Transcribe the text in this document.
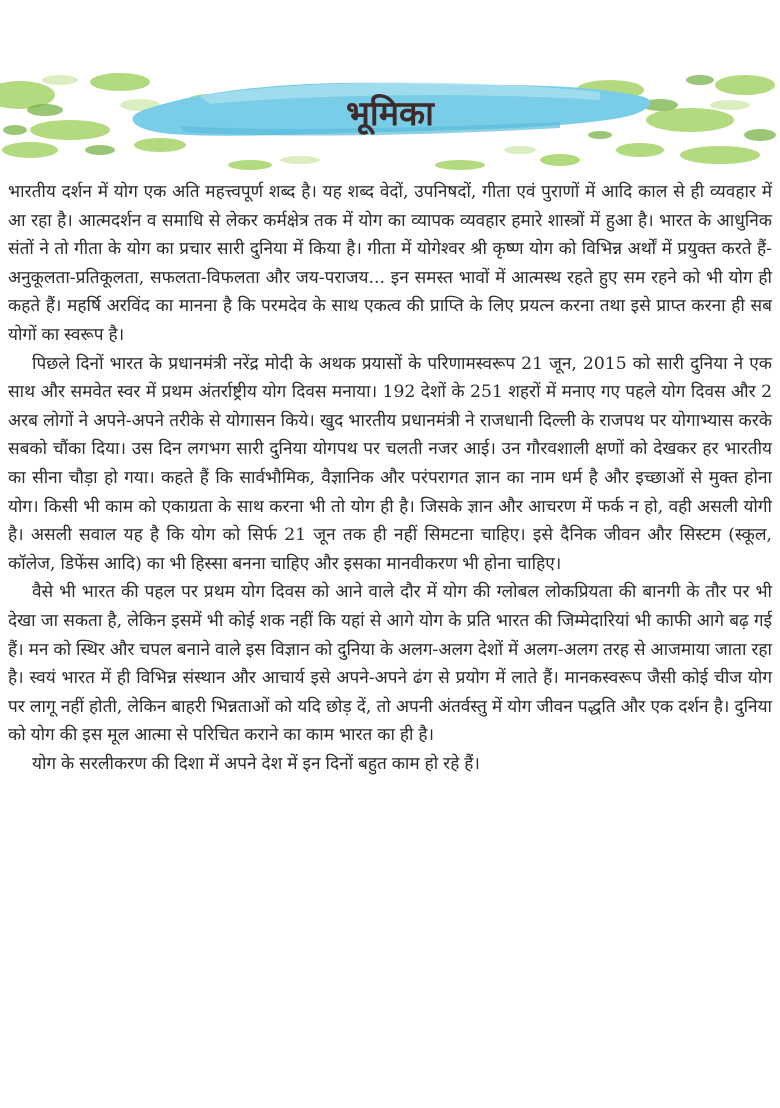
भूमिका

भारतीय दर्शन में योग एक अति महत्त्वपूर्ण शब्द है। यह शब्द वेदों, उपनिषदों, गीता एवं पुराणों में आदि काल से ही व्यवहार में आ रहा है। आत्मदर्शन व समाधि से लेकर कर्मक्षेत्र तक में योग का व्यापक व्यवहार हमारे शास्त्रों में हुआ है। भारत के आधुनिक संतों ने तो गीता के योग का प्रचार सारी दुनिया में किया है। गीता में योगेश्वर श्री कृष्ण योग को विभिन्न अर्थों में प्रयुक्त करते हैं- अनुकूलता-प्रतिकूलता, सफलता-विफलता और जय-पराजय... इन समस्त भावों में आत्मस्थ रहते हुए सम रहने को भी योग ही कहते हैं। महर्षि अरविंद का मानना है कि परमदेव के साथ एकत्व की प्राप्ति के लिए प्रयत्न करना तथा इसे प्राप्त करना ही सब योगों का स्वरूप है।

पिछले दिनों भारत के प्रधानमंत्री नरेंद्र मोदी के अथक प्रयासों के परिणामस्वरूप 21 जून, 2015 को सारी दुनिया ने एक साथ और समवेत स्वर में प्रथम अंतर्राष्ट्रीय योग दिवस मनाया। 192 देशों के 251 शहरों में मनाए गए पहले योग दिवस और 2 अरब लोगों ने अपने-अपने तरीके से योगासन किये। खुद भारतीय प्रधानमंत्री ने राजधानी दिल्ली के राजपथ पर योगाभ्यास करके सबको चौंका दिया। उस दिन लगभग सारी दुनिया योगपथ पर चलती नजर आई। उन गौरवशाली क्षणों को देखकर हर भारतीय का सीना चौड़ा हो गया। कहते हैं कि सार्वभौमिक, वैज्ञानिक और परंपरागत ज्ञान का नाम धर्म है और इच्छाओं से मुक्त होना योग। किसी भी काम को एकाग्रता के साथ करना भी तो योग ही है। जिसके ज्ञान और आचरण में फर्क न हो, वही असली योगी है। असली सवाल यह है कि योग को सिर्फ 21 जून तक ही नहीं सिमटना चाहिए। इसे दैनिक जीवन और सिस्टम (स्कूल, कॉलेज, डिफेंस आदि) का भी हिस्सा बनना चाहिए और इसका मानवीकरण भी होना चाहिए।

वैसे भी भारत की पहल पर प्रथम योग दिवस को आने वाले दौर में योग की ग्लोबल लोकप्रियता की बानगी के तौर पर भी देखा जा सकता है, लेकिन इसमें भी कोई शक नहीं कि यहां से आगे योग के प्रति भारत की जिम्मेदारियां भी काफी आगे बढ़ गई हैं। मन को स्थिर और चपल बनाने वाले इस विज्ञान को दुनिया के अलग-अलग देशों में अलग-अलग तरह से आजमाया जाता रहा है। स्वयं भारत में ही विभिन्न संस्थान और आचार्य इसे अपने-अपने ढंग से प्रयोग में लाते हैं। मानकस्वरूप जैसी कोई चीज योग पर लागू नहीं होती, लेकिन बाहरी भिन्नताओं को यदि छोड़ दें, तो अपनी अंतर्वस्तु में योग जीवन पद्धति और एक दर्शन है। दुनिया को योग की इस मूल आत्मा से परिचित कराने का काम भारत का ही है।

योग के सरलीकरण की दिशा में अपने देश में इन दिनों बहुत काम हो रहे हैं।
